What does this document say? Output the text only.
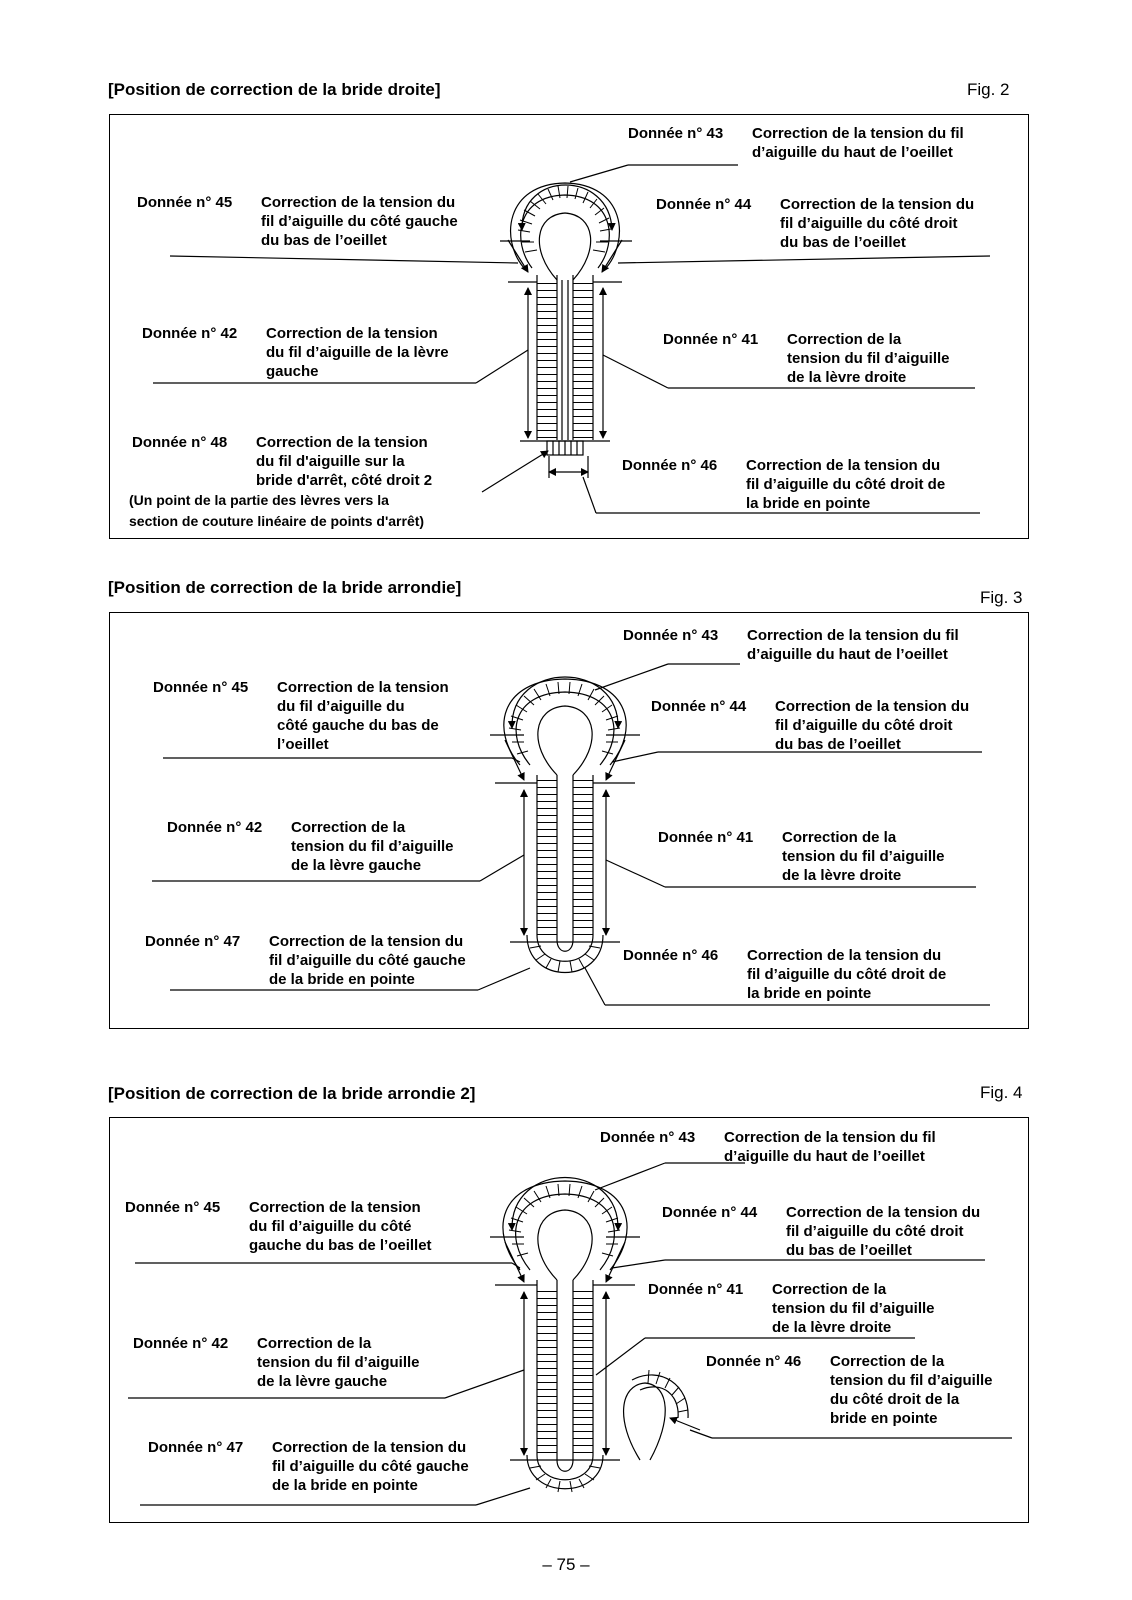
[Position de correction de la bride droite]	Fig. 2
Donnée n° 43 Correction de la tension du fil
d’aiguille du haut de l’oeillet
Donnée n° 45 Correction de la tension du
fil d’aiguille du côté gauche
du bas de l’oeillet
Donnée n° 44 Correction de la tension du
fil d’aiguille du côté droit
du bas de l’oeillet
Donnée n° 42 Correction de la tension
du fil d’aiguille de la lèvre
gauche
Donnée n° 41 Correction de la
tension du fil d’aiguille
de la lèvre droite
Donnée n° 48 Correction de la tension
du fil d'aiguille sur la
bride d'arrêt, côté droit 2
Donnée n° 46 Correction de la tension du
fil d’aiguille du côté droit de
la bride en pointe
(Un point de la partie des lèvres vers la
section de couture linéaire de points d'arrêt)
[Position de correction de la bride arrondie]
Fig. 3
Donnée n° 43 Correction de la tension du fil
d’aiguille du haut de l’oeillet
Donnée n° 45 Correction de la tension
du fil d’aiguille du
côté gauche du bas de
l’oeillet
Donnée n° 44 Correction de la tension du
fil d’aiguille du côté droit
du bas de l’oeillet
Donnée n° 42 Correction de la
tension du fil d’aiguille
de la lèvre gauche
Donnée n° 41 Correction de la
tension du fil d’aiguille
de la lèvre droite
Donnée n° 47 Correction de la tension du
fil d’aiguille du côté gauche
de la bride en pointe
Donnée n° 46 Correction de la tension du
fil d’aiguille du côté droit de
la bride en pointe
[Position de correction de la bride arrondie 2]	Fig. 4
Donnée n° 43 Correction de la tension du fil
d’aiguille du haut de l’oeillet
Donnée n° 45 Correction de la tension
du fil d’aiguille du côté
gauche du bas de l’oeillet
Donnée n° 44 Correction de la tension du
fil d’aiguille du côté droit
du bas de l’oeillet
Donnée n° 41 Correction de la
tension du fil d’aiguille
de la lèvre droite
Donnée n° 42 Correction de la
tension du fil d’aiguille
de la lèvre gauche
Donnée n° 46 Correction de la
tension du fil d’aiguille
du côté droit de la
bride en pointe
Donnée n° 47 Correction de la tension du
fil d’aiguille du côté gauche
de la bride en pointe
– 75 –
